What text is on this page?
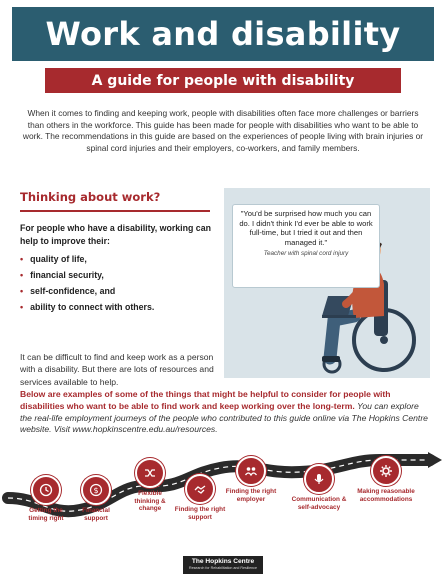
Work and disability
A guide for people with disability
When it comes to finding and keeping work, people with disabilities often face more challenges or barriers than others in the workforce. This guide has been made for people with disabilities who want to be able to work. The recommendations in this guide are based on the experiences of people living with brain injuries or spinal cord injuries and their employers, co-workers, and family members.
Thinking about work?
For people who have a disability, working can help to improve their:
• quality of life,
• financial security,
• self-confidence, and
• ability to connect with others.
It can be difficult to find and keep work as a person with a disability. But there are lots of resources and services available to help.
"You'd be surprised how much you can do. I didn't think I'd ever be able to work full-time, but I tried it out and then managed it."
Teacher with spinal cord injury
Below are examples of some of the things that might be helpful to consider for people with disabilities who want to be able to find work and keep working over the long-term. You can explore the real-life employment journeys of the people who contributed to this guide online via The Hopkins Centre website. Visit www.hopkinscentre.edu.au/resources.
Getting the timing right
$
Financial support
Flexible thinking & change	Finding the right support
Finding the right employer	Communication & self-advocacy
Making reasonable accommodations
The Hopkins Centre
Research for Rehabilitation and Resilience
